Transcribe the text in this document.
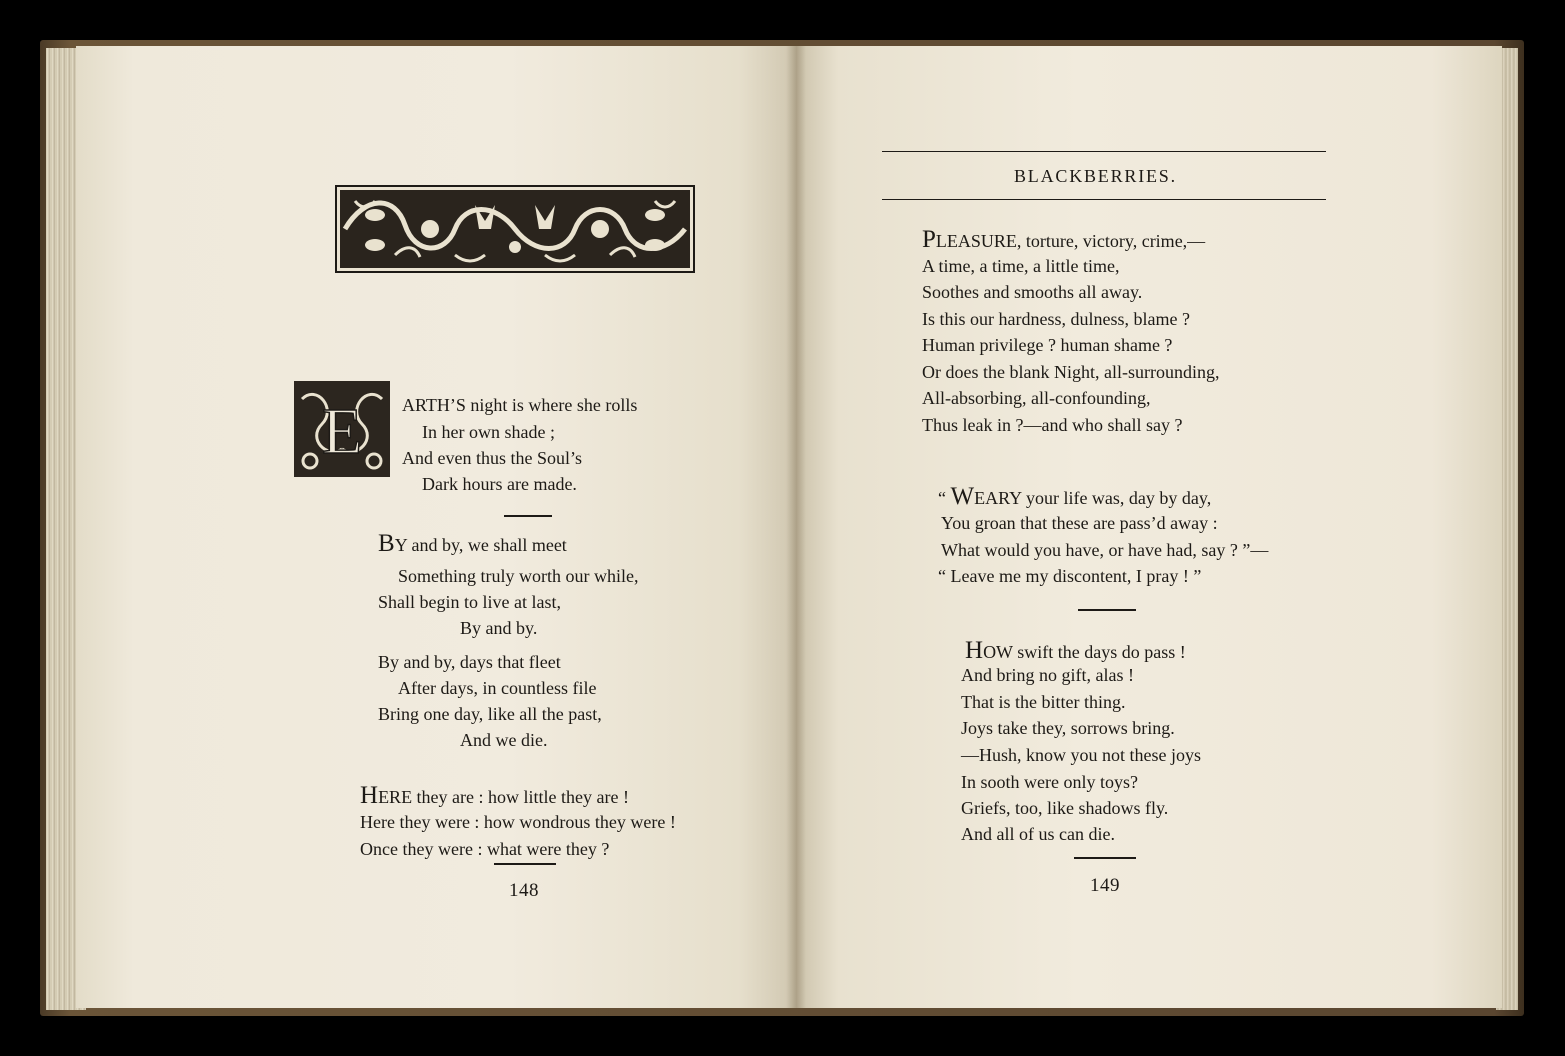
E ARTH’S night is where she rolls
In her own shade ;
And even thus the Soul’s
Dark hours are made.
BY and by, we shall meet
Something truly worth our while,
Shall begin to live at last,
By and by.
By and by, days that fleet
After days, in countless file
Bring one day, like all the past,
And we die.
HERE they are : how little they are !
Here they were : how wondrous they were !
Once they were : what were they ?
148
BLACKBERRIES.
PLEASURE, torture, victory, crime,—
A time, a time, a little time,
Soothes and smooths all away.
Is this our hardness, dulness, blame ?
Human privilege ? human shame ?
Or does the blank Night, all-surrounding,
All-absorbing, all-confounding,
Thus leak in ?—and who shall say ?
“ WEARY your life was, day by day,
You groan that these are pass’d away :
What would you have, or have had, say ? ”—
“ Leave me my discontent, I pray ! ”
HOW swift the days do pass !
And bring no gift, alas !
That is the bitter thing.
Joys take they, sorrows bring.
—Hush, know you not these joys
In sooth were only toys?
Griefs, too, like shadows fly.
And all of us can die.
149
